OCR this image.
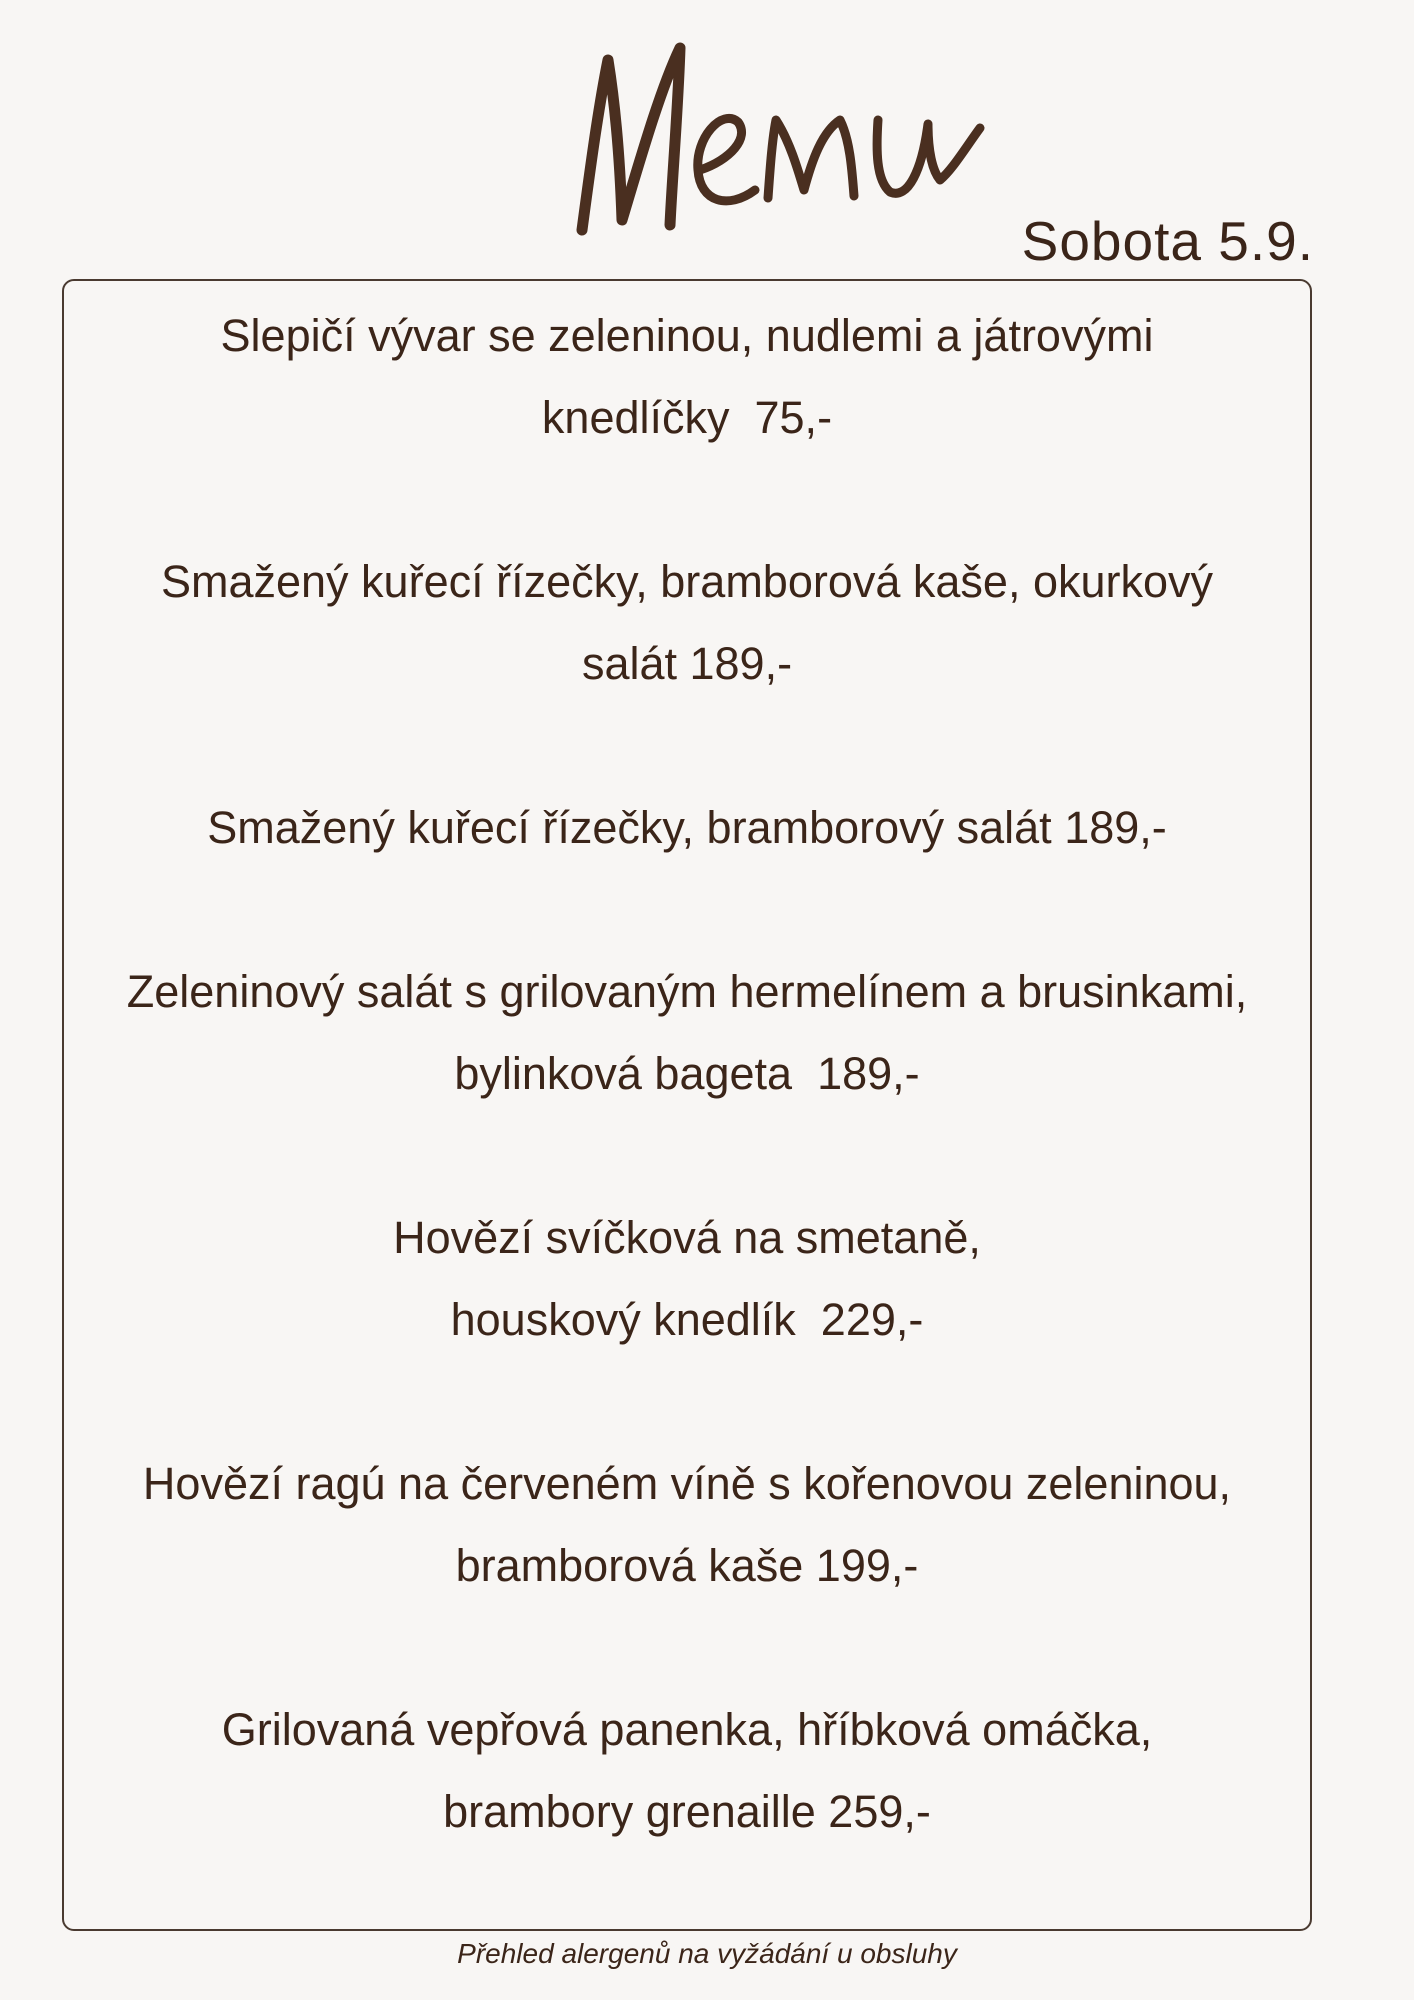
Sobota 5.9.
Slepičí vývar se zeleninou, nudlemi a játrovými
knedlíčky  75,-
Smažený kuřecí řízečky, bramborová kaše, okurkový
salát 189,-
Smažený kuřecí řízečky, bramborový salát 189,-
Zeleninový salát s grilovaným hermelínem a brusinkami,
bylinková bageta  189,-
Hovězí svíčková na smetaně,
houskový knedlík  229,-
Hovězí ragú na červeném víně s kořenovou zeleninou,
bramborová kaše 199,-
Grilovaná vepřová panenka, hříbková omáčka,
brambory grenaille 259,-
Přehled alergenů na vyžádání u obsluhy
